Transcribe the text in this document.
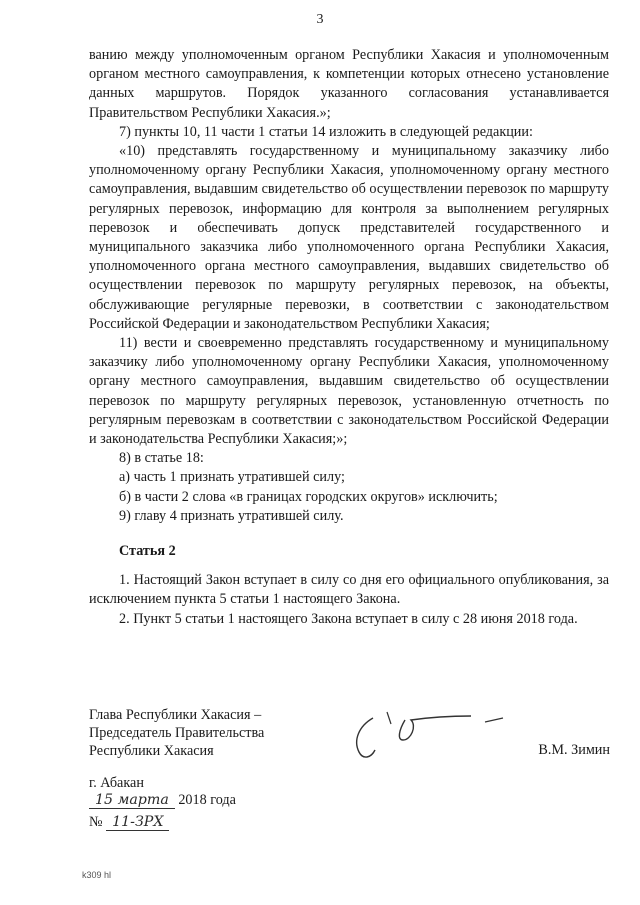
3

ванию между уполномоченным органом Республики Хакасия и уполномоченным органом местного самоуправления, к компетенции которых отнесено установление данных маршрутов. Порядок указанного согласования устанавливается Правительством Республики Хакасия.»;

7) пункты 10, 11 части 1 статьи 14 изложить в следующей редакции:

«10) представлять государственному и муниципальному заказчику либо уполномоченному органу Республики Хакасия, уполномоченному органу местного самоуправления, выдавшим свидетельство об осуществлении перевозок по маршруту регулярных перевозок, информацию для контроля за выполнением регулярных перевозок и обеспечивать допуск представителей государственного и муниципального заказчика либо уполномоченного органа Республики Хакасия, уполномоченного органа местного самоуправления, выдавших свидетельство об осуществлении перевозок по маршруту регулярных перевозок, на объекты, обслуживающие регулярные перевозки, в соответствии с законодательством Российской Федерации и законодательством Республики Хакасия;

11) вести и своевременно представлять государственному и муниципальному заказчику либо уполномоченному органу Республики Хакасия, уполномоченному органу местного самоуправления, выдавшим свидетельство об осуществлении перевозок по маршруту регулярных перевозок, установленную отчетность по регулярным перевозкам в соответствии с законодательством Российской Федерации и законодательства Республики Хакасия;»;

8) в статье 18:

а) часть 1 признать утратившей силу;

б) в части 2 слова «в границах городских округов» исключить;

9) главу 4 признать утратившей силу.

Статья 2

1. Настоящий Закон вступает в силу со дня его официального опубликования, за исключением пункта 5 статьи 1 настоящего Закона.

2. Пункт 5 статьи 1 настоящего Закона вступает в силу с 28 июня 2018 года.

Глава Республики Хакасия –
Председатель Правительства
Республики Хакасия	В.М. Зимин
г. Абакан
15 марта 2018 года
№ 11-ЗРХ
k309 hl
